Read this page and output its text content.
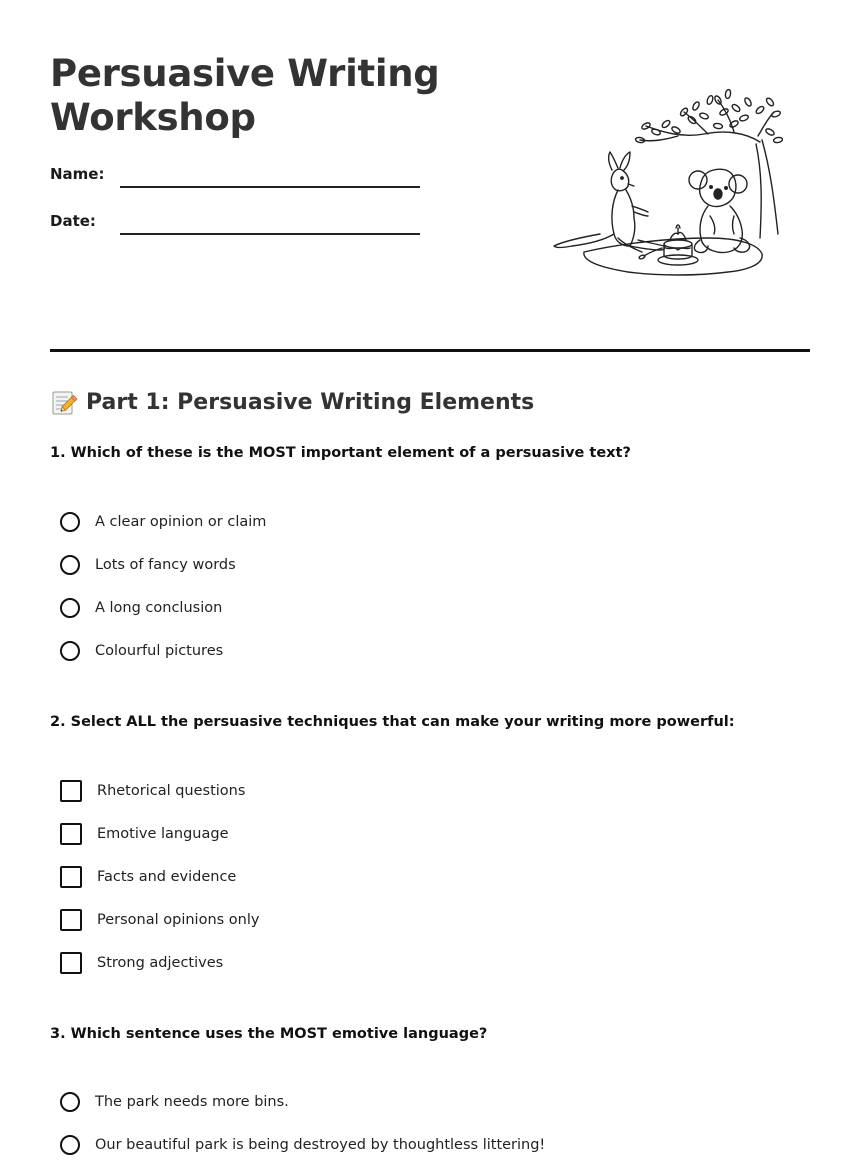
Persuasive Writing Workshop
Name:
Date:
Part 1: Persuasive Writing Elements

1. Which of these is the MOST important element of a persuasive text?

A clear opinion or claim
Lots of fancy words
A long conclusion
Colourful pictures

2. Select ALL the persuasive techniques that can make your writing more powerful:

Rhetorical questions
Emotive language
Facts and evidence
Personal opinions only
Strong adjectives

3. Which sentence uses the MOST emotive language?

The park needs more bins.
Our beautiful park is being destroyed by thoughtless littering!
